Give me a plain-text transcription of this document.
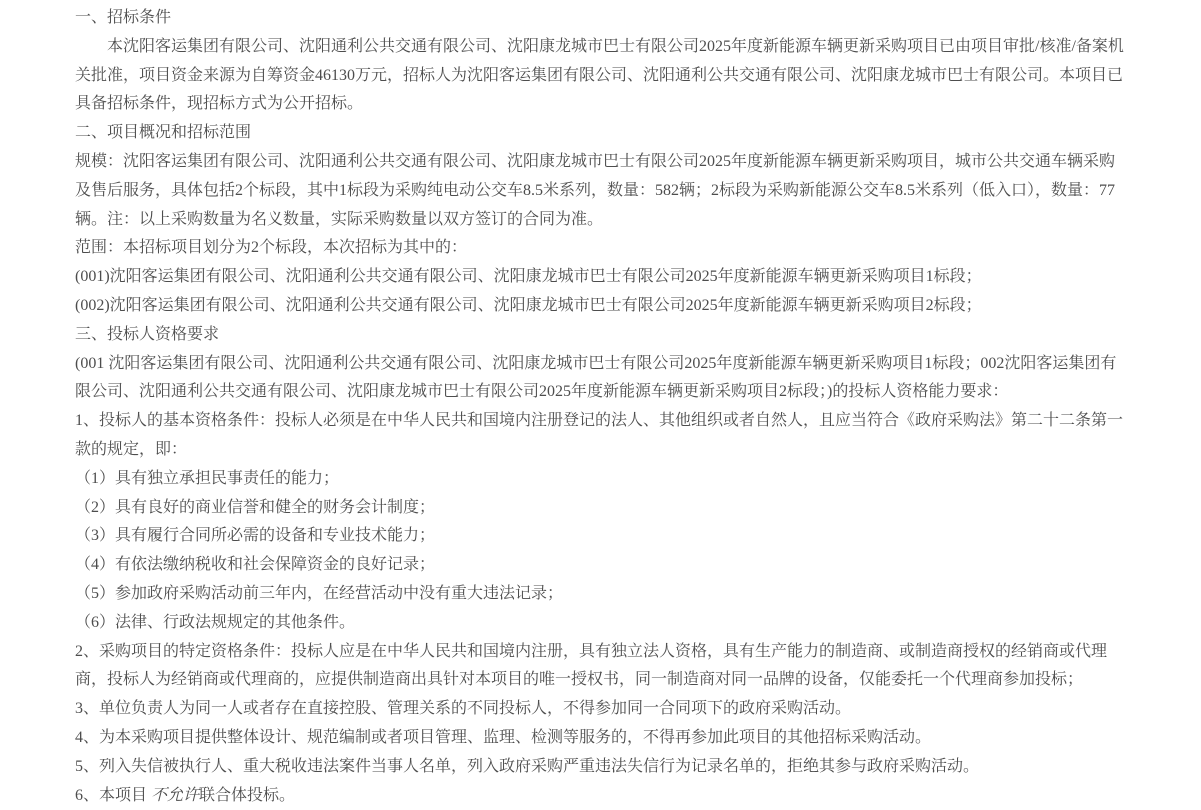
一、招标条件

本沈阳客运集团有限公司、沈阳通利公共交通有限公司、沈阳康龙城市巴士有限公司2025年度新能源车辆更新采购项目已由项目审批/核准/备案机关批准，项目资金来源为自筹资金46130万元，招标人为沈阳客运集团有限公司、沈阳通利公共交通有限公司、沈阳康龙城市巴士有限公司。本项目已具备招标条件，现招标方式为公开招标。

二、项目概况和招标范围

规模：沈阳客运集团有限公司、沈阳通利公共交通有限公司、沈阳康龙城市巴士有限公司2025年度新能源车辆更新采购项目，城市公共交通车辆采购及售后服务，具体包括2个标段，其中1标段为采购纯电动公交车8.5米系列，数量：582辆；2标段为采购新能源公交车8.5米系列（低入口），数量：77辆。注：以上采购数量为名义数量，实际采购数量以双方签订的合同为准。

范围：本招标项目划分为2个标段，本次招标为其中的：

(001)沈阳客运集团有限公司、沈阳通利公共交通有限公司、沈阳康龙城市巴士有限公司2025年度新能源车辆更新采购项目1标段；

(002)沈阳客运集团有限公司、沈阳通利公共交通有限公司、沈阳康龙城市巴士有限公司2025年度新能源车辆更新采购项目2标段；

三、投标人资格要求

(001 沈阳客运集团有限公司、沈阳通利公共交通有限公司、沈阳康龙城市巴士有限公司2025年度新能源车辆更新采购项目1标段；002沈阳客运集团有限公司、沈阳通利公共交通有限公司、沈阳康龙城市巴士有限公司2025年度新能源车辆更新采购项目2标段；)的投标人资格能力要求：

1、投标人的基本资格条件：投标人必须是在中华人民共和国境内注册登记的法人、其他组织或者自然人，且应当符合《政府采购法》第二十二条第一款的规定，即：

（1）具有独立承担民事责任的能力；

（2）具有良好的商业信誉和健全的财务会计制度；

（3）具有履行合同所必需的设备和专业技术能力；

（4）有依法缴纳税收和社会保障资金的良好记录；

（5）参加政府采购活动前三年内，在经营活动中没有重大违法记录；

（6）法律、行政法规规定的其他条件。

2、采购项目的特定资格条件：投标人应是在中华人民共和国境内注册，具有独立法人资格，具有生产能力的制造商、或制造商授权的经销商或代理商，投标人为经销商或代理商的，应提供制造商出具针对本项目的唯一授权书，同一制造商对同一品牌的设备，仅能委托一个代理商参加投标；

3、单位负责人为同一人或者存在直接控股、管理关系的不同投标人，不得参加同一合同项下的政府采购活动。

4、为本采购项目提供整体设计、规范编制或者项目管理、监理、检测等服务的，不得再参加此项目的其他招标采购活动。

5、列入失信被执行人、重大税收违法案件当事人名单，列入政府采购严重违法失信行为记录名单的，拒绝其参与政府采购活动。

6、本项目 不允许联合体投标。
